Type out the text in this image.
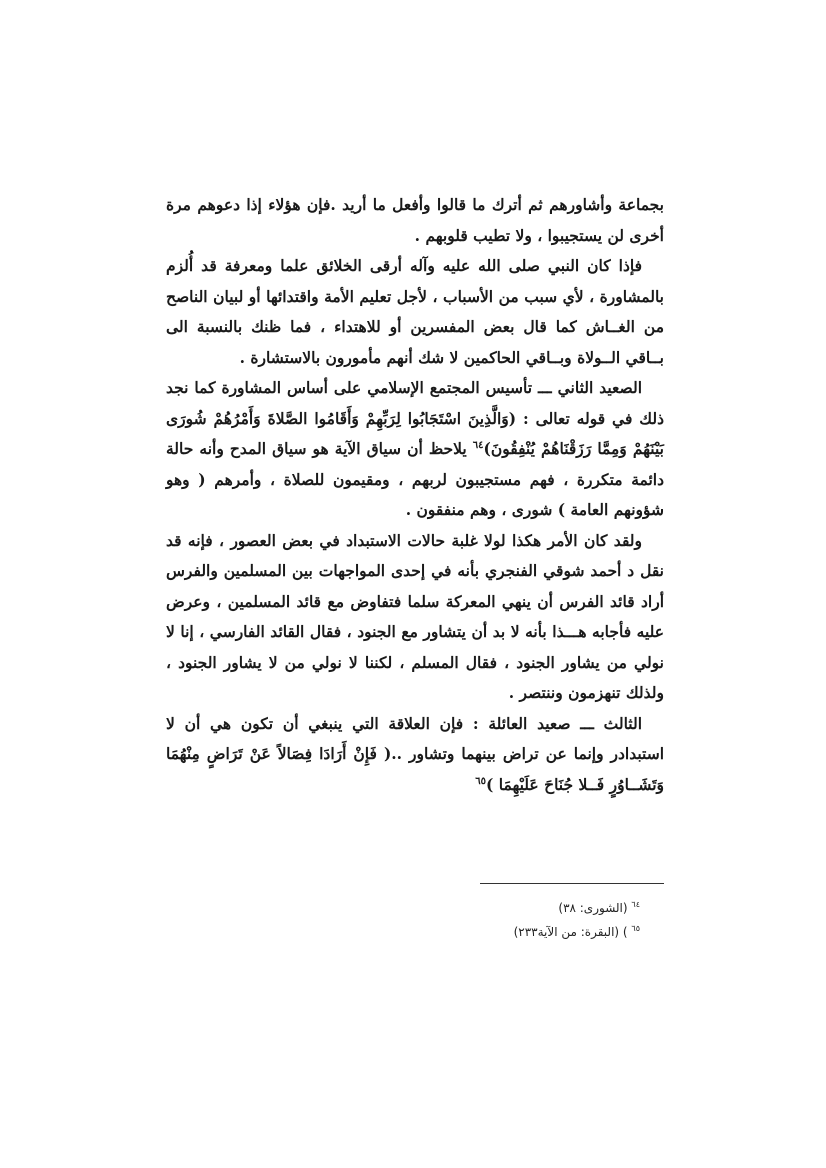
بجماعة وأشاورهم ثم أترك ما قالوا وأفعل ما أريد .فإن هؤلاء إذا دعوهم مرة أخرى لن يستجيبوا ، ولا تطيب قلوبهم .

فإذا كان النبي صلى الله عليه وآله أرقى الخلائق علما ومعرفة قد أُلزم بالمشاورة ، لأي سبب من الأسباب ، لأجل تعليم الأمة واقتدائها أو لبيان الناصح من الغــاش كما قال بعض المفسرين أو للاهتداء ، فما ظنك بالنسبة الى بــاقي الــولاة وبــاقي الحاكمين لا شك أنهم مأمورون بالاستشارة .

الصعيد الثاني ـــ تأسيس المجتمع الإسلامي على أساس المشاورة كما نجد ذلك في قوله تعالى : (وَالَّذِينَ اسْتَجَابُوا لِرَبِّهِمْ وَأَقَامُوا الصَّلاةَ وَأَمْرُهُمْ شُورَى بَيْنَهُمْ وَمِمَّا رَزَقْنَاهُمْ يُنْفِقُونَ)$^{٦٤}$ يلاحظ أن سياق الآية هو سياق المدح وأنه حالة دائمة متكررة ، فهم مستجيبون لربهم ، ومقيمون للصلاة ، وأمرهم ( وهو شؤونهم العامة ) شورى ، وهم منفقون .

ولقد كان الأمر هكذا لولا غلبة حالات الاستبداد في بعض العصور ، فإنه قد نقل د أحمد شوقي الفنجري بأنه في إحدى المواجهات بين المسلمين والفرس أراد قائد الفرس أن ينهي المعركة سلما فتفاوض مع قائد المسلمين ، وعرض عليه فأجابه هـــذا بأنه لا بد أن يتشاور مع الجنود ، فقال القائد الفارسي ، إنا لا نولي من يشاور الجنود ، فقال المسلم ، لكننا لا نولي من لا يشاور الجنود ، ولذلك تنهزمون وننتصر .

الثالث ـــ صعيد العائلة : فإن العلاقة التي ينبغي أن تكون هي أن لا استبدادر وإنما عن تراض بينهما وتشاور ..( فَإِنْ أَرَادَا فِصَالاً عَنْ تَرَاضٍ مِنْهُمَا وَتَشَــاوُرٍ فَــلا جُنَاحَ عَلَيْهِمَا )$^{٦٥}$

$^{٦٤}$ (الشورى: ٣٨)

$^{٦٥}$ ) (البقرة: من الآية٢٣٣)
